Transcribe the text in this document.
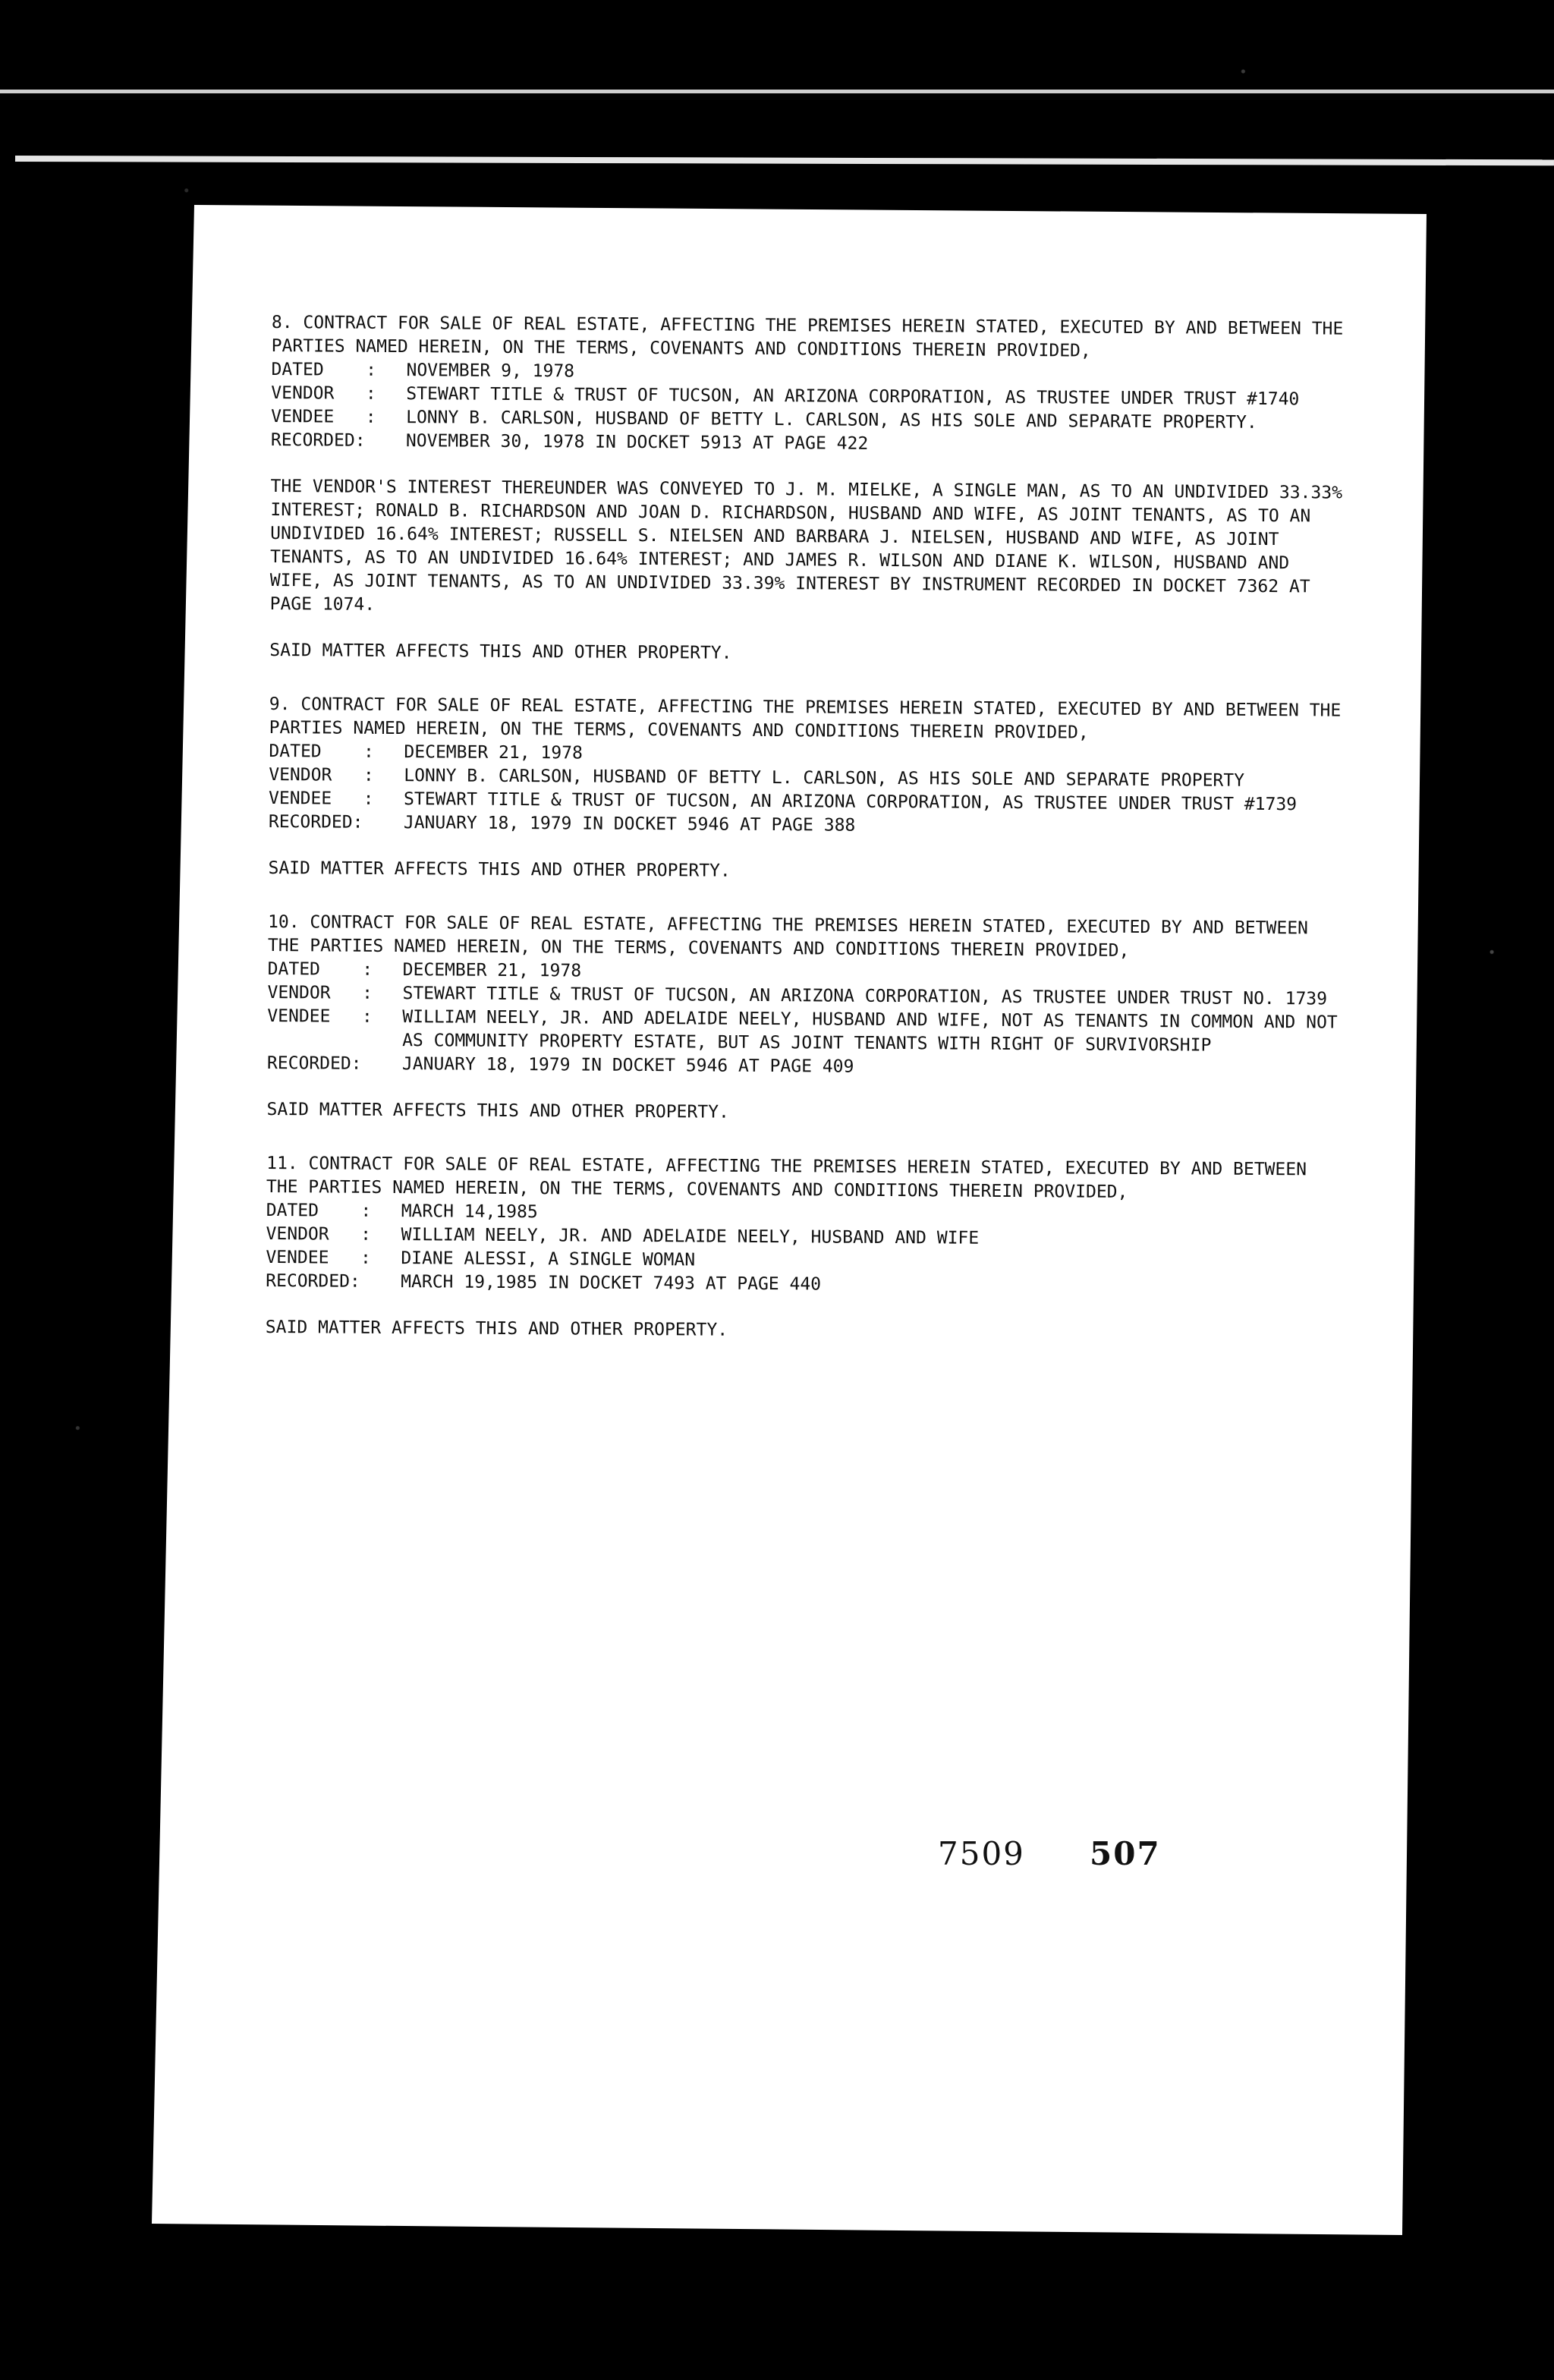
8. CONTRACT FOR SALE OF REAL ESTATE, AFFECTING THE PREMISES HEREIN STATED, EXECUTED BY AND BETWEEN THE PARTIES NAMED HEREIN, ON THE TERMS, COVENANTS AND CONDITIONS THEREIN PROVIDED,
DATED    :	NOVEMBER 9, 1978
VENDOR   :	STEWART TITLE & TRUST OF TUCSON, AN ARIZONA CORPORATION, AS TRUSTEE UNDER TRUST #1740
VENDEE   :	LONNY B. CARLSON, HUSBAND OF BETTY L. CARLSON, AS HIS SOLE AND SEPARATE PROPERTY.
RECORDED:	NOVEMBER 30, 1978 IN DOCKET 5913 AT PAGE 422
THE VENDOR'S INTEREST THEREUNDER WAS CONVEYED TO J. M. MIELKE, A SINGLE MAN, AS TO AN UNDIVIDED 33.33% INTEREST; RONALD B. RICHARDSON AND JOAN D. RICHARDSON, HUSBAND AND WIFE, AS JOINT TENANTS, AS TO AN UNDIVIDED 16.64% INTEREST; RUSSELL S. NIELSEN AND BARBARA J. NIELSEN, HUSBAND AND WIFE, AS JOINT TENANTS, AS TO AN UNDIVIDED 16.64% INTEREST; AND JAMES R. WILSON AND DIANE K. WILSON, HUSBAND AND WIFE, AS JOINT TENANTS, AS TO AN UNDIVIDED 33.39% INTEREST BY INSTRUMENT RECORDED IN DOCKET 7362 AT PAGE 1074.
SAID MATTER AFFECTS THIS AND OTHER PROPERTY.
9. CONTRACT FOR SALE OF REAL ESTATE, AFFECTING THE PREMISES HEREIN STATED, EXECUTED BY AND BETWEEN THE PARTIES NAMED HEREIN, ON THE TERMS, COVENANTS AND CONDITIONS THEREIN PROVIDED,
DATED    :	DECEMBER 21, 1978
VENDOR   :	LONNY B. CARLSON, HUSBAND OF BETTY L. CARLSON, AS HIS SOLE AND SEPARATE PROPERTY
VENDEE   :	STEWART TITLE & TRUST OF TUCSON, AN ARIZONA CORPORATION, AS TRUSTEE UNDER TRUST #1739
RECORDED:	JANUARY 18, 1979 IN DOCKET 5946 AT PAGE 388
SAID MATTER AFFECTS THIS AND OTHER PROPERTY.
10. CONTRACT FOR SALE OF REAL ESTATE, AFFECTING THE PREMISES HEREIN STATED, EXECUTED BY AND BETWEEN THE PARTIES NAMED HEREIN, ON THE TERMS, COVENANTS AND CONDITIONS THEREIN PROVIDED,
DATED    :	DECEMBER 21, 1978
VENDOR   :	STEWART TITLE & TRUST OF TUCSON, AN ARIZONA CORPORATION, AS TRUSTEE UNDER TRUST NO. 1739
VENDEE   :	WILLIAM NEELY, JR. AND ADELAIDE NEELY, HUSBAND AND WIFE, NOT AS TENANTS IN COMMON AND NOT AS COMMUNITY PROPERTY ESTATE, BUT AS JOINT TENANTS WITH RIGHT OF SURVIVORSHIP
RECORDED:	JANUARY 18, 1979 IN DOCKET 5946 AT PAGE 409
SAID MATTER AFFECTS THIS AND OTHER PROPERTY.
11. CONTRACT FOR SALE OF REAL ESTATE, AFFECTING THE PREMISES HEREIN STATED, EXECUTED BY AND BETWEEN THE PARTIES NAMED HEREIN, ON THE TERMS, COVENANTS AND CONDITIONS THEREIN PROVIDED,
DATED    :	MARCH 14,1985
VENDOR   :	WILLIAM NEELY, JR. AND ADELAIDE NEELY, HUSBAND AND WIFE
VENDEE   :	DIANE ALESSI, A SINGLE WOMAN
RECORDED:	MARCH 19,1985 IN DOCKET 7493 AT PAGE 440
SAID MATTER AFFECTS THIS AND OTHER PROPERTY.
7509 507
